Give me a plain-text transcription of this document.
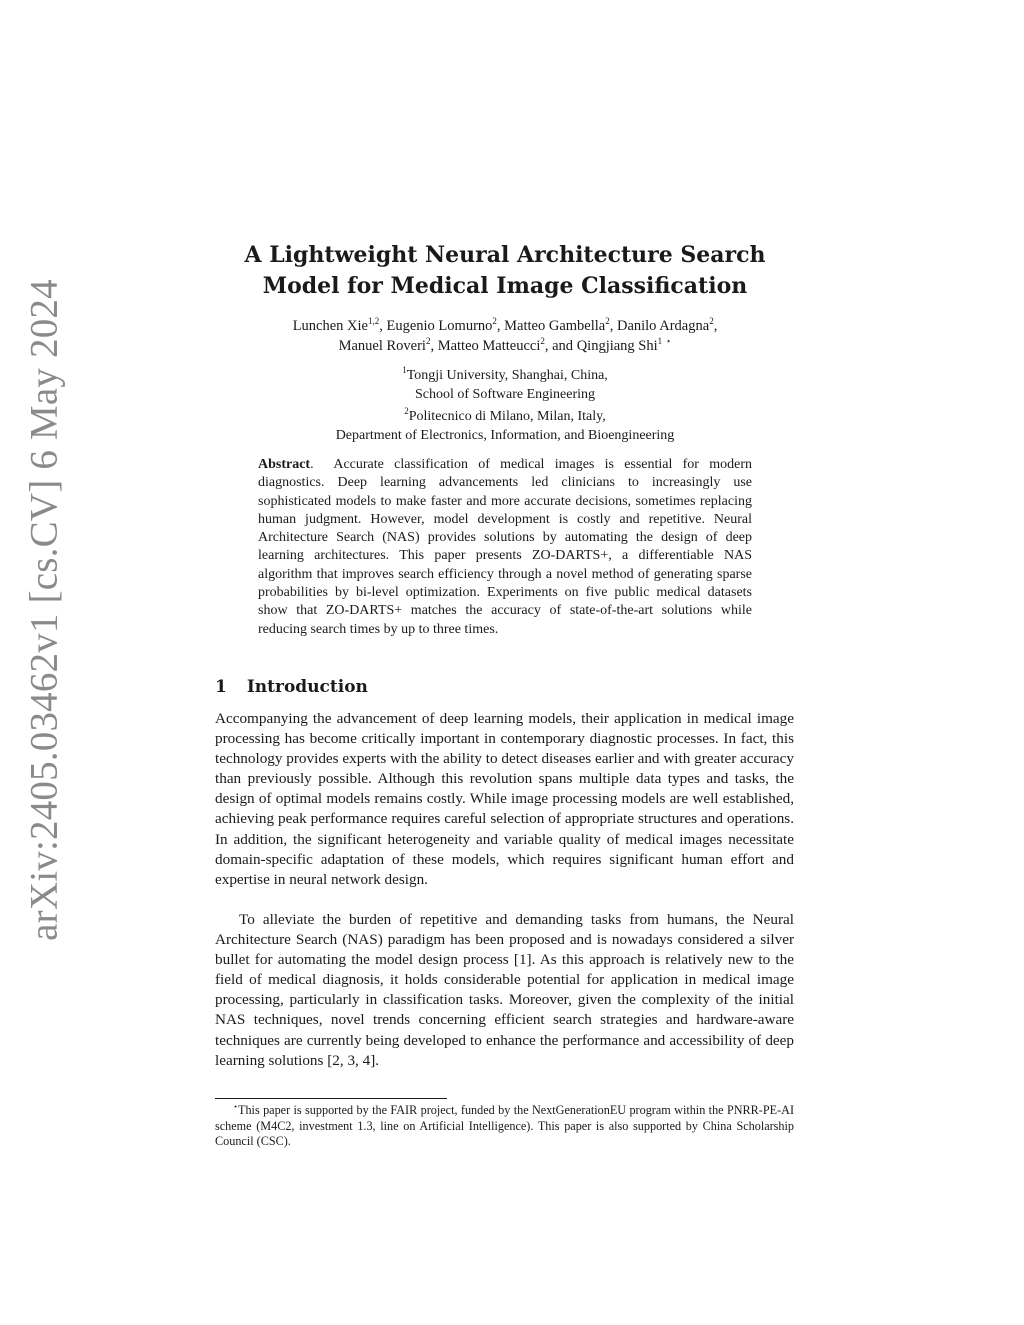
arXiv:2405.03462v1 [cs.CV] 6 May 2024
A Lightweight Neural Architecture Search
Model for Medical Image Classification
Lunchen Xie$^{1,2}$, Eugenio Lomurno$^2$, Matteo Gambella$^2$, Danilo Ardagna$^2$,
Manuel Roveri$^2$, Matteo Matteucci$^2$, and Qingjiang Shi$^1$ ⋆
$^1$Tongji University, Shanghai, China,
School of Software Engineering
$^2$Politecnico di Milano, Milan, Italy,
Department of Electronics, Information, and Bioengineering
Abstract.  Accurate classification of medical images is essential for modern diagnostics. Deep learning advancements led clinicians to increasingly use sophisticated models to make faster and more accurate decisions, sometimes replacing human judgment. However, model development is costly and repetitive. Neural Architecture Search (NAS) provides solutions by automating the design of deep learning architectures. This paper presents ZO-DARTS+, a differentiable NAS algorithm that improves search efficiency through a novel method of generating sparse probabilities by bi-level optimization. Experiments on five public medical datasets show that ZO-DARTS+ matches the accuracy of state-of-the-art solutions while reducing search times by up to three times.
1 Introduction
Accompanying the advancement of deep learning models, their application in medical image processing has become critically important in contemporary diagnostic processes. In fact, this technology provides experts with the ability to detect diseases earlier and with greater accuracy than previously possible. Although this revolution spans multiple data types and tasks, the design of optimal models remains costly. While image processing models are well established, achieving peak performance requires careful selection of appropriate structures and operations. In addition, the significant heterogeneity and variable quality of medical images necessitate domain-specific adaptation of these models, which requires significant human effort and expertise in neural network design.
To alleviate the burden of repetitive and demanding tasks from humans, the Neural Architecture Search (NAS) paradigm has been proposed and is nowadays considered a silver bullet for automating the model design process [1]. As this approach is relatively new to the field of medical diagnosis, it holds considerable potential for application in medical image processing, particularly in classification tasks. Moreover, given the complexity of the initial NAS techniques, novel trends concerning efficient search strategies and hardware-aware techniques are currently being developed to enhance the performance and accessibility of deep learning solutions [2, 3, 4].
⋆This paper is supported by the FAIR project, funded by the NextGenerationEU program within the PNRR-PE-AI scheme (M4C2, investment 1.3, line on Artificial Intelligence). This paper is also supported by China Scholarship Council (CSC).
